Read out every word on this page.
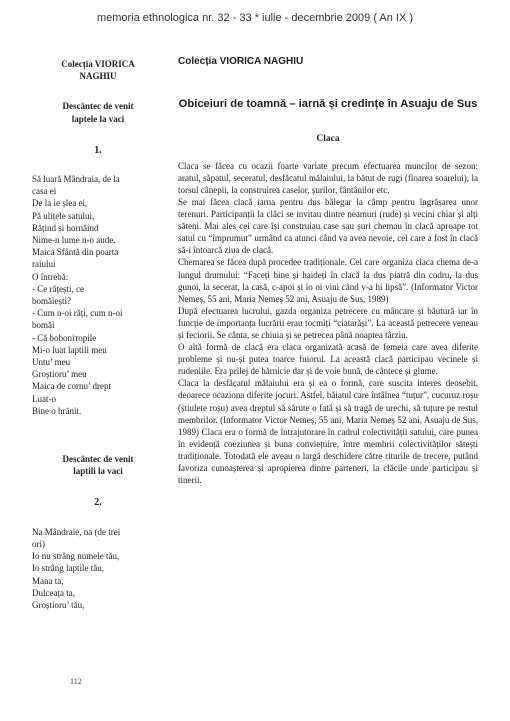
memoria ethnologica nr. 32 - 33 * iulie - decembrie 2009 ( An IX )
Colecția VIORICA
NAGHIU
Descântec de venit
laptele la vaci
1.
Să luară Mândraia, de la
casa ei
De la ie șlea ei,
Pă ulițele satului,
Rățind și hornăind
Nime-n lume n-o aude.
Maica Sfântă din poarta
raiului
O întrebă:
- Ce rățești, ce
bomăiești?
- Cum n-oi răți, cum n-oi
bomăi
- Că boboniторile
Mi-o luat laptili meu
Untu’ meu
Groștioru’ meu
Maica de cornu’ drept
Luat-o
Bine o hrănit.
Descântec de venit
laptili la vaci
2.
Na Mândraie, na (de trei
ori)
Io nu strâng numele tău,
Io strâng laptile tău,
Mana ta,
Dulceața ta,
Groștioru’ tău,
Colecția VIORICA NAGHIU
Obiceiuri de toamnă – iarnă și credințe în Asuaju de Sus
Claca

Claca se făcea cu ocazii foarte variate precum efectuarea muncilor de sezon: aratul, săpatul, seceratul, desfăcatul mălaiului, la bătut de rugi (floarea soarelui), la torsul cânepii, la construirea caselor, șurilor, fântânilor etc.

Se mai făcea clacă iarna pentru dus bălegar la câmp pentru îngrășarea unor terenuri. Participanții la clăci se invitau dintre neamuri (rude) și vecini chiar și alți săteni. Mai ales cei care își construiau case sau șuri chemau în clacă aproape tot satul cu “împrumut” urmând ca atunci când va avea nevoie, cel care a fost în clacă să-i întoarcă ziua de clacă.

Chemarea se făcea după procedee tradiționale. Cel care organiza claca chema de-a lungul drumului: “Faceți bine și haideți în clacă la dus piatră din codru, la dus gunoi, la secerat, la casă, c-apoi și io oi vini când v-a hi lipsă”. (Informator Victor Nemeș, 55 ani, Maria Nemeș 52 ani, Asuaju de Sus, 1989)

După efectuarea lucrului, gazda organiza petrecere cu mâncare și băutură iar în funcție de importanța lucrării erau tocmiți “ciatarăși”. La această petrecere veneau și feciorii. Se cânta, se chiuia și se petrecea până noaptea târziu.

O altă formă de clacă era claca organizată acasă de femeia care avea diferite probleme și nu-și putea toarce fuiorul. La această clacă participau vecinele și rudeniile. Era prilej de hărnicie dar și de voie bună, de cântece și glume.

Claca la desfăcatul mălaiului era și ea o formă, care suscita interes deosebit, deoarece ocaziona diferite jocuri. Astfel, băiatul care întâlnea “tuțur”, cucuruz roșu (știulete roșu) avea dreptul să sărute o fată și să tragă de urechi, să tuțure pe restul membrilor. (Informator Victor Nemeș, 55 ani, Maria Nemeș 52 ani, Asuaju de Sus, 1989) Claca era o formă de întrajutorare în cadrul colectivității satului, care punea în evidență coeziunea și buna conviețuire, între membrii colectivităților sătești tradiționale. Totodată ele aveau o largă deschidere către riturile de trecere, putând favoriza cunoașterea și apropierea dintre parteneri, la clăcile unde participau și tinerii.

112
